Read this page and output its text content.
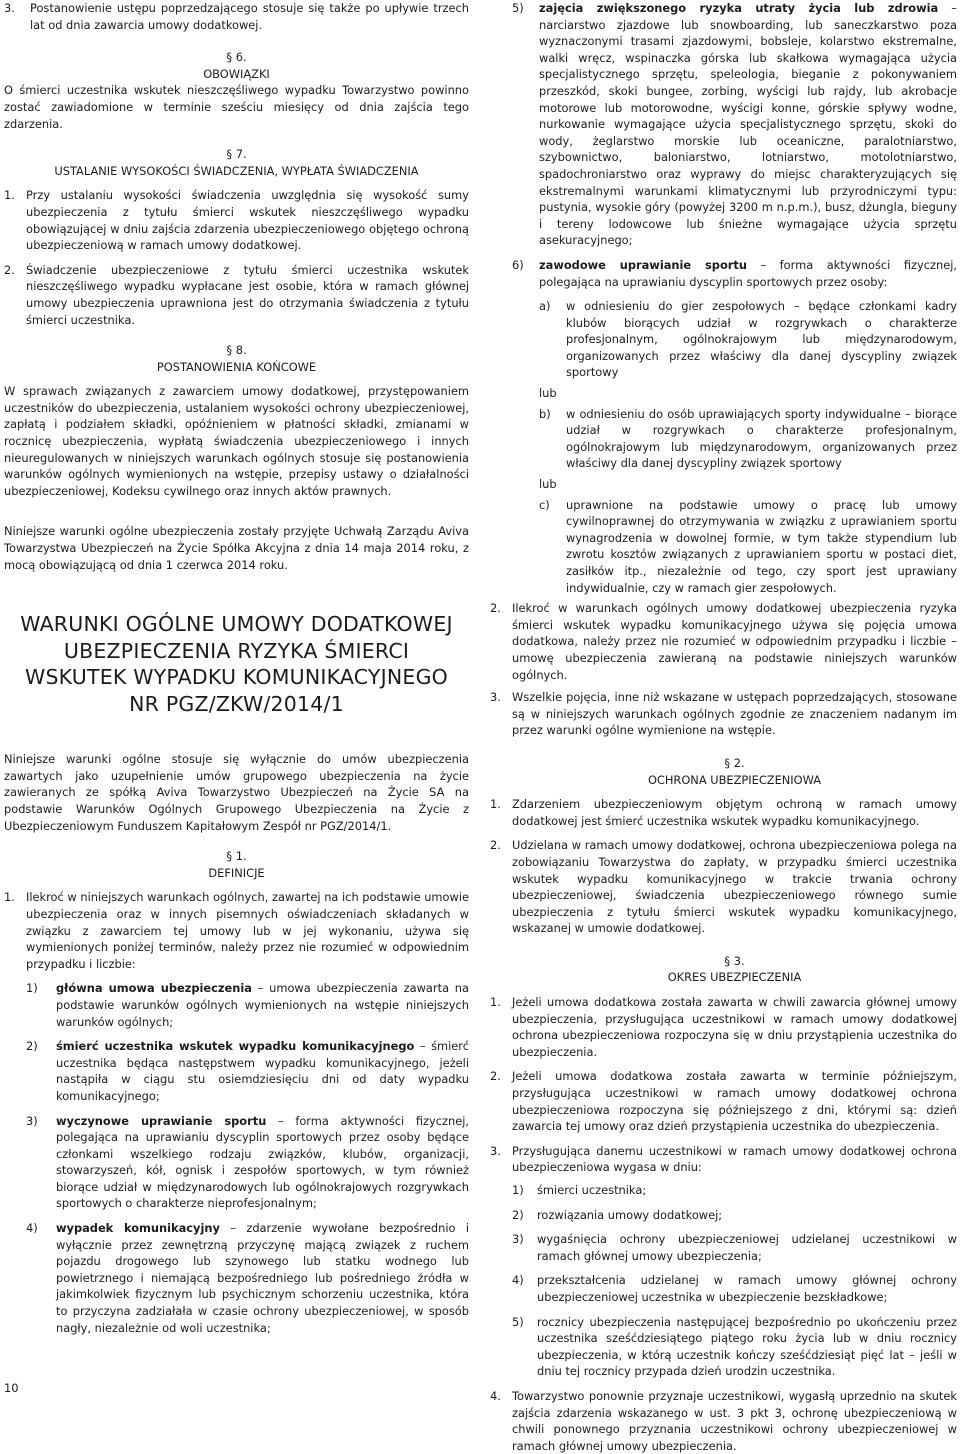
3.	Postanowienie ustępu poprzedzającego stosuje się także po upływie trzech lat od dnia zawarcia umowy dodatkowej.
§ 6.
OBOWIĄZKI

O śmierci uczestnika wskutek nieszczęśliwego wypadku Towarzystwo powinno zostać zawiadomione w terminie sześciu miesięcy od dnia zajścia tego zdarzenia.

§ 7.
USTALANIE WYSOKOŚCI ŚWIADCZENIA, WYPŁATA ŚWIADCZENIA
1. Przy ustalaniu wysokości świadczenia uwzględnia się wysokość sumy ubezpieczenia z tytułu śmierci wskutek nieszczęśliwego wypadku obowiązującej w dniu zajścia zdarzenia ubezpieczeniowego objętego ochroną ubezpieczeniową w ramach umowy dodatkowej.
2. Świadczenie ubezpieczeniowe z tytułu śmierci uczestnika wskutek nieszczęśliwego wypadku wypłacane jest osobie, która w ramach głównej umowy ubezpieczenia uprawniona jest do otrzymania świadczenia z tytułu śmierci uczestnika.
§ 8.
POSTANOWIENIA KOŃCOWE

W sprawach związanych z zawarciem umowy dodatkowej, przystępowaniem uczestników do ubezpieczenia, ustalaniem wysokości ochrony ubezpieczeniowej, zapłatą i podziałem składki, opóźnieniem w płatności składki, zmianami w rocznicę ubezpieczenia, wypłatą świadczenia ubezpieczeniowego i innych nieuregulowanych w niniejszych warunkach ogólnych stosuje się postanowienia warunków ogólnych wymienionych na wstępie, przepisy ustawy o działalności ubezpieczeniowej, Kodeksu cywilnego oraz innych aktów prawnych.

Niniejsze warunki ogólne ubezpieczenia zostały przyjęte Uchwałą Zarządu Aviva Towarzystwa Ubezpieczeń na Życie Spółka Akcyjna z dnia 14 maja 2014 roku, z mocą obowiązującą od dnia 1 czerwca 2014 roku.

WARUNKI OGÓLNE UMOWY DODATKOWEJ UBEZPIECZENIA RYZYKA ŚMIERCI WSKUTEK WYPADKU KOMUNIKACYJNEGO NR PGZ/ZKW/2014/1

Niniejsze warunki ogólne stosuje się wyłącznie do umów ubezpieczenia zawartych jako uzupełnienie umów grupowego ubezpieczenia na życie zawieranych ze spółką Aviva Towarzystwo Ubezpieczeń na Życie SA na podstawie Warunków Ogólnych Grupowego Ubezpieczenia na Życie z Ubezpieczeniowym Funduszem Kapitałowym Zespół nr PGZ/2014/1.

§ 1.
DEFINICJE
1. Ilekroć w niniejszych warunkach ogólnych, zawartej na ich podstawie umowie ubezpieczenia oraz w innych pisemnych oświadczeniach składanych w związku z zawarciem tej umowy lub w jej wykonaniu, używa się wymienionych poniżej terminów, należy przez nie rozumieć w odpowiednim przypadku i liczbie:
1)	główna umowa ubezpieczenia – umowa ubezpieczenia zawarta na podstawie warunków ogólnych wymienionych na wstępie niniejszych warunków ogólnych;
2)	śmierć uczestnika wskutek wypadku komunikacyjnego – śmierć uczestnika będąca następstwem wypadku komunikacyjnego, jeżeli nastąpiła w ciągu stu osiemdziesięciu dni od daty wypadku komunikacyjnego;
3)	wyczynowe uprawianie sportu – forma aktywności fizycznej, polegająca na uprawianiu dyscyplin sportowych przez osoby będące członkami wszelkiego rodzaju związków, klubów, organizacji, stowarzyszeń, kół, ognisk i zespołów sportowych, w tym również biorące udział w międzynarodowych lub ogólnokrajowych rozgrywkach sportowych o charakterze nieprofesjonalnym;
4)	wypadek komunikacyjny – zdarzenie wywołane bezpośrednio i wyłącznie przez zewnętrzną przyczynę mającą związek z ruchem pojazdu drogowego lub szynowego lub statku wodnego lub powietrznego i niemającą bezpośredniego lub pośredniego źródła w jakimkolwiek fizycznym lub psychicznym schorzeniu uczestnika, która to przyczyna zadziałała w czasie ochrony ubezpieczeniowej, w sposób nagły, niezależnie od woli uczestnika;
5)	zajęcia zwiększonego ryzyka utraty życia lub zdrowia – narciarstwo zjazdowe lub snowboarding, lub saneczkarstwo poza wyznaczonymi trasami zjazdowymi, bobsleje, kolarstwo ekstremalne, walki wręcz, wspinaczka górska lub skałkowa wymagająca użycia specjalistycznego sprzętu, speleologia, bieganie z pokonywaniem przeszkód, skoki bungee, zorbing, wyścigi lub rajdy, lub akrobacje motorowe lub motorowodne, wyścigi konne, górskie spływy wodne, nurkowanie wymagające użycia specjalistycznego sprzętu, skoki do wody, żeglarstwo morskie lub oceaniczne, paralotniarstwo, szybownictwo, baloniarstwo, lotniarstwo, motolotniarstwo, spadochroniarstwo oraz wyprawy do miejsc charakteryzujących się ekstremalnymi warunkami klimatycznymi lub przyrodniczymi typu: pustynia, wysokie góry (powyżej 3200 m n.p.m.), busz, dżungla, bieguny i tereny lodowcowe lub śnieżne wymagające użycia sprzętu asekuracyjnego;
6)	zawodowe uprawianie sportu – forma aktywności fizycznej, polegająca na uprawianiu dyscyplin sportowych przez osoby:
a)	w odniesieniu do gier zespołowych – będące członkami kadry klubów biorących udział w rozgrywkach o charakterze profesjonalnym, ogólnokrajowym lub międzynarodowym, organizowanych przez właściwy dla danej dyscypliny związek sportowy
lub
b)	w odniesieniu do osób uprawiających sporty indywidualne – biorące udział w rozgrywkach o charakterze profesjonalnym, ogólnokrajowym lub międzynarodowym, organizowanych przez właściwy dla danej dyscypliny związek sportowy
lub
c)	uprawnione na podstawie umowy o pracę lub umowy cywilnoprawnej do otrzymywania w związku z uprawianiem sportu wynagrodzenia w dowolnej formie, w tym także stypendium lub zwrotu kosztów związanych z uprawianiem sportu w postaci diet, zasiłków itp., niezależnie od tego, czy sport jest uprawiany indywidualnie, czy w ramach gier zespołowych.
2. Ilekroć w warunkach ogólnych umowy dodatkowej ubezpieczenia ryzyka śmierci wskutek wypadku komunikacyjnego używa się pojęcia umowa dodatkowa, należy przez nie rozumieć w odpowiednim przypadku i liczbie – umowę ubezpieczenia zawieraną na podstawie niniejszych warunków ogólnych.
3. Wszelkie pojęcia, inne niż wskazane w ustępach poprzedzających, stosowane są w niniejszych warunkach ogólnych zgodnie ze znaczeniem nadanym im przez warunki ogólne wymienione na wstępie.
§ 2.
OCHRONA UBEZPIECZENIOWA
1. Zdarzeniem ubezpieczeniowym objętym ochroną w ramach umowy dodatkowej jest śmierć uczestnika wskutek wypadku komunikacyjnego.
2. Udzielana w ramach umowy dodatkowej, ochrona ubezpieczeniowa polega na zobowiązaniu Towarzystwa do zapłaty, w przypadku śmierci uczestnika wskutek wypadku komunikacyjnego w trakcie trwania ochrony ubezpieczeniowej, świadczenia ubezpieczeniowego równego sumie ubezpieczenia z tytułu śmierci wskutek wypadku komunikacyjnego, wskazanej w umowie dodatkowej.
§ 3.
OKRES UBEZPIECZENIA
1. Jeżeli umowa dodatkowa została zawarta w chwili zawarcia głównej umowy ubezpieczenia, przysługująca uczestnikowi w ramach umowy dodatkowej ochrona ubezpieczeniowa rozpoczyna się w dniu przystąpienia uczestnika do ubezpieczenia.
2. Jeżeli umowa dodatkowa została zawarta w terminie późniejszym, przysługująca uczestnikowi w ramach umowy dodatkowej ochrona ubezpieczeniowa rozpoczyna się późniejszego z dni, którymi są: dzień zawarcia tej umowy oraz dzień przystąpienia uczestnika do ubezpieczenia.
3. Przysługująca danemu uczestnikowi w ramach umowy dodatkowej ochrona ubezpieczeniowa wygasa w dniu:
1)	śmierci uczestnika;
2)	rozwiązania umowy dodatkowej;
3)	wygaśnięcia ochrony ubezpieczeniowej udzielanej uczestnikowi w ramach głównej umowy ubezpieczenia;
4)	przekształcenia udzielanej w ramach umowy głównej ochrony ubezpieczeniowej uczestnika w ubezpieczenie bezskładkowe;
5)	rocznicy ubezpieczenia następującej bezpośrednio po ukończeniu przez uczestnika sześćdziesiątego piątego roku życia lub w dniu rocznicy ubezpieczenia, w którą uczestnik kończy sześćdziesiąt pięć lat – jeśli w dniu tej rocznicy przypada dzień urodzin uczestnika.
4. Towarzystwo ponownie przyznaje uczestnikowi, wygasłą uprzednio na skutek zajścia zdarzenia wskazanego w ust. 3 pkt 3, ochronę ubezpieczeniową w chwili ponownego przyznania uczestnikowi ochrony ubezpieczeniowej w ramach głównej umowy ubezpieczenia.
10
